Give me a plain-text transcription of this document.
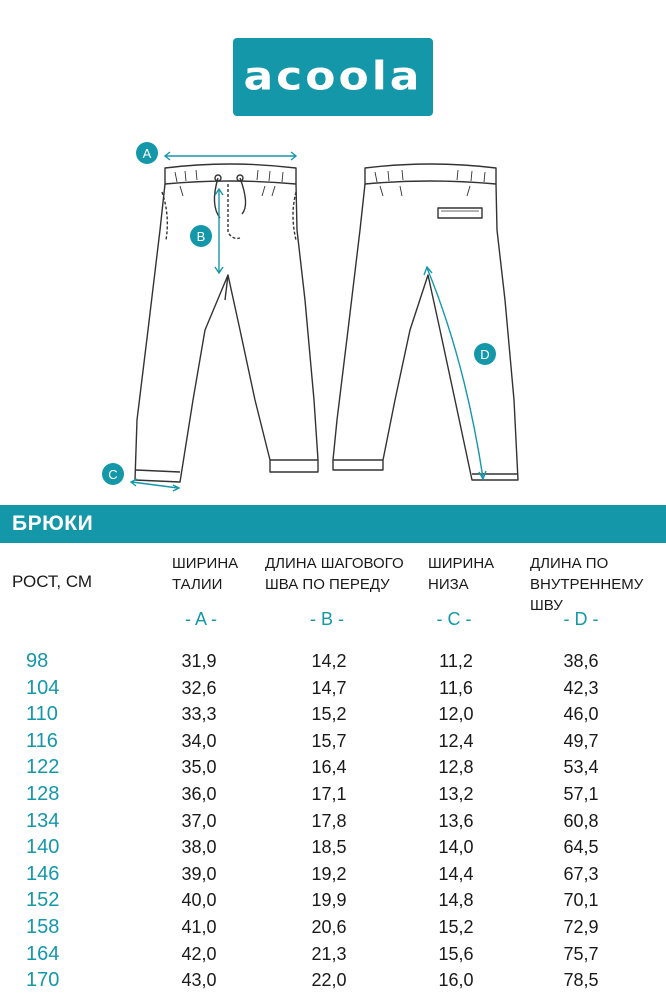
acoola
A
B
C
D
БРЮКИ
РОСТ, СМ
ШИРИНА
ТАЛИИ
ДЛИНА ШАГОВОГО
ШВА ПО ПЕРЕДУ
ШИРИНА
НИЗА
ДЛИНА ПО
ВНУТРЕННЕМУ ШВУ
- A -	- B -	- C -	- D -
98	31,9	14,2	11,2	38,6
104	32,6	14,7	11,6	42,3
110	33,3	15,2	12,0	46,0
116	34,0	15,7	12,4	49,7
122	35,0	16,4	12,8	53,4
128	36,0	17,1	13,2	57,1
134	37,0	17,8	13,6	60,8
140	38,0	18,5	14,0	64,5
146	39,0	19,2	14,4	67,3
152	40,0	19,9	14,8	70,1
158	41,0	20,6	15,2	72,9
164	42,0	21,3	15,6	75,7
170	43,0	22,0	16,0	78,5
